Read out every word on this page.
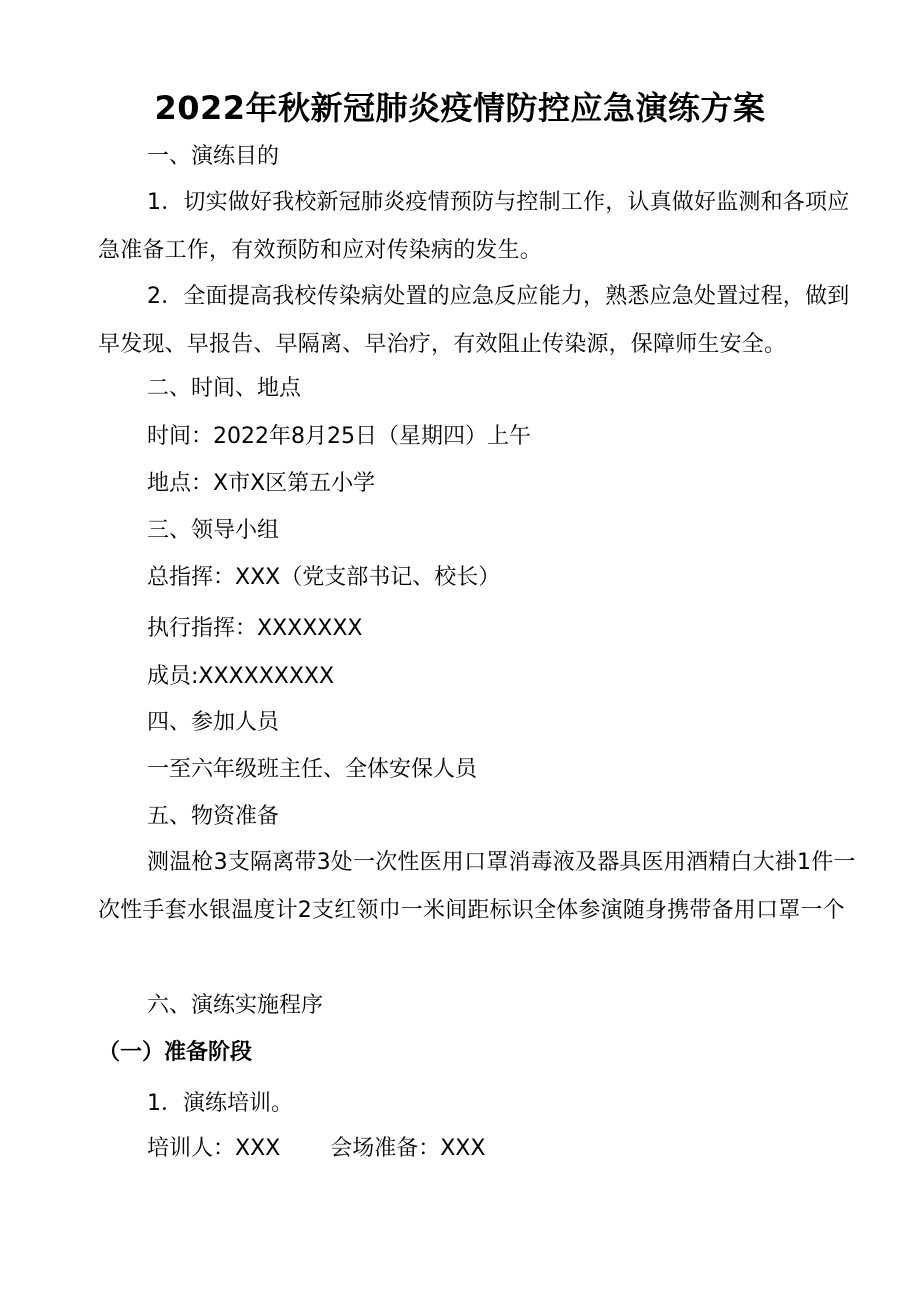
2022年秋新冠肺炎疫情防控应急演练方案
一、演练目的
1．切实做好我校新冠肺炎疫情预防与控制工作，认真做好监测和各项应急准备工作，有效预防和应对传染病的发生。
2．全面提高我校传染病处置的应急反应能力，熟悉应急处置过程，做到早发现、早报告、早隔离、早治疗，有效阻止传染源，保障师生安全。
二、时间、地点
时间：2022年8月25日（星期四）上午
地点：X市X区第五小学
三、领导小组
总指挥：XXX（党支部书记、校长）
执行指挥：XXXXXXX
成员:XXXXXXXXX
四、参加人员
一至六年级班主任、全体安保人员
五、物资准备
测温枪3支隔离带3处一次性医用口罩消毒液及器具医用酒精白大褂1件一次性手套水银温度计2支红领巾一米间距标识全体参演随身携带备用口罩一个
六、演练实施程序
（一）准备阶段
1．演练培训。
培训人：XXX 会场准备：XXX
